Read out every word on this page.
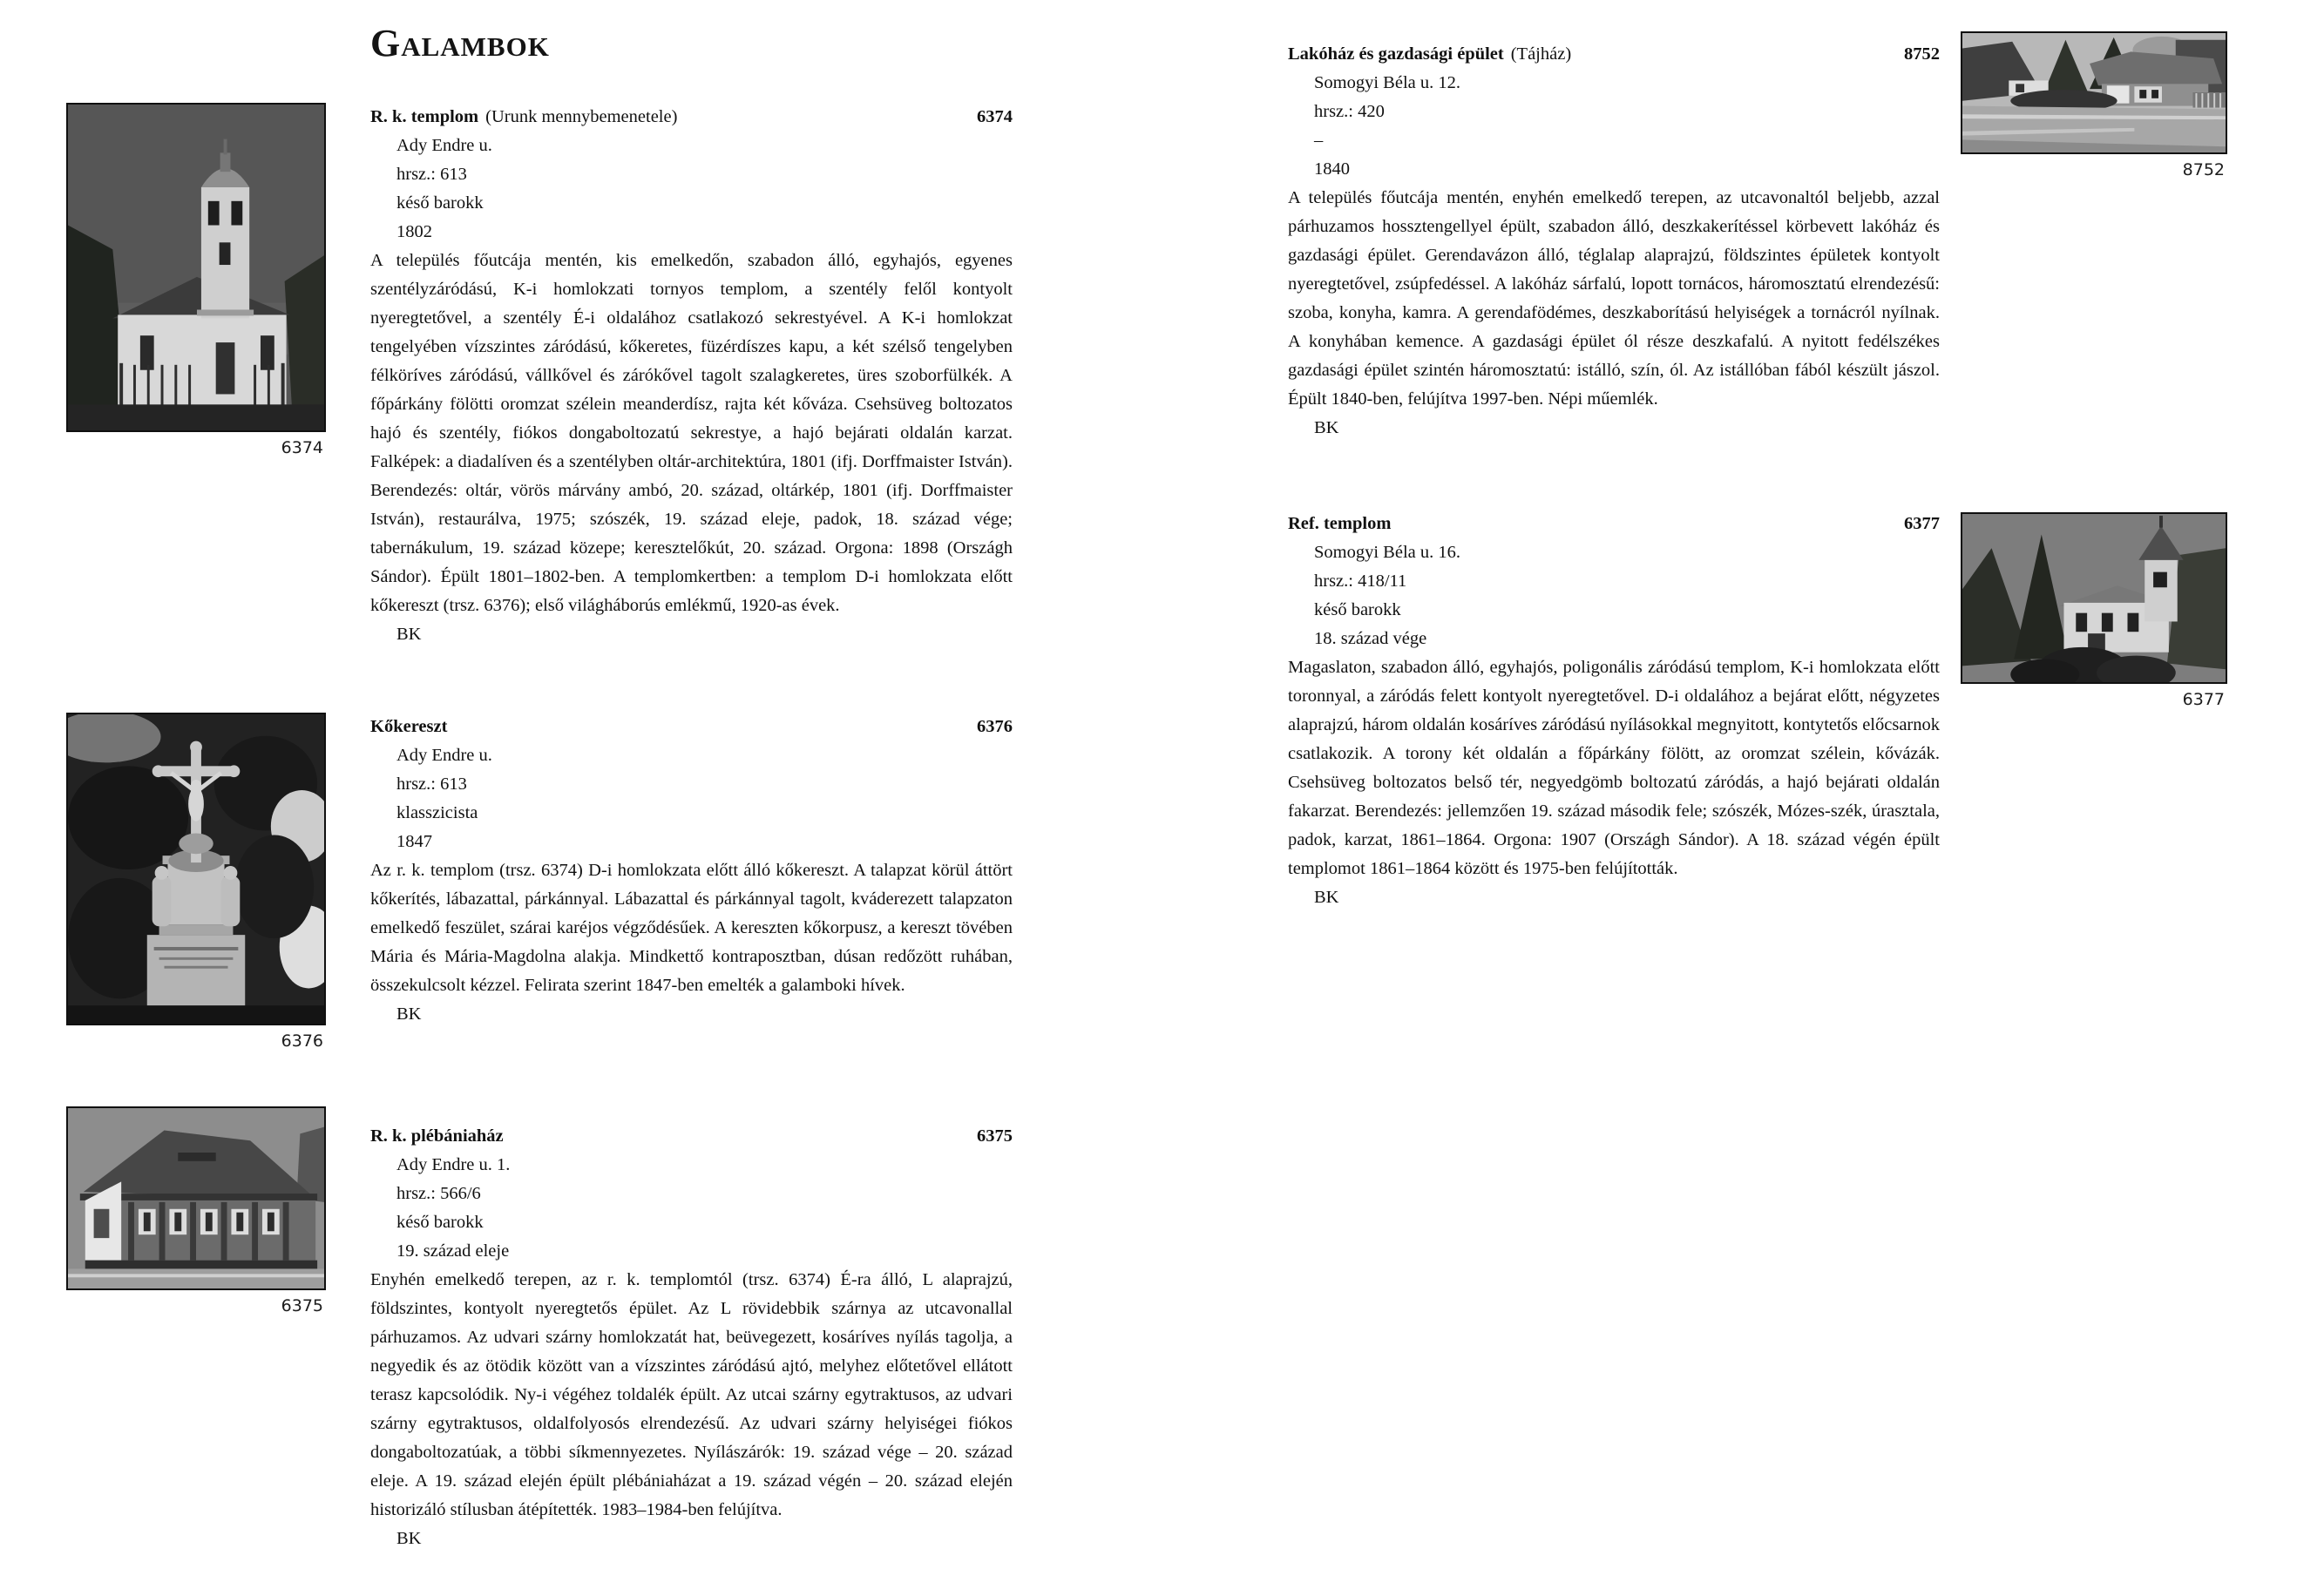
Galambok
R. k. templom (Urunk mennybemenetele)	6374
Ady Endre u.
hrsz.: 613
késő barokk
1802

A település főutcája mentén, kis emelkedőn, szabadon álló, egyhajós, egyenes szentélyzáródású, K-i homlokzati tornyos templom, a szentély felől kontyolt nyeregtetővel, a szentély É-i oldalához csatlakozó sekrestyével. A K-i homlokzat tengelyében vízszintes záródású, kőkeretes, füzérdíszes kapu, a két szélső tengelyben félköríves záródású, vállkővel és zárókővel tagolt szalagkeretes, üres szoborfülkék. A főpárkány fölötti oromzat szélein meanderdísz, rajta két kőváza. Csehsüveg boltozatos hajó és szentély, fiókos dongaboltozatú sekrestye, a hajó bejárati oldalán karzat. Falképek: a diadalíven és a szentélyben oltár-architektúra, 1801 (ifj. Dorffmaister István). Berendezés: oltár, vörös márvány ambó, 20. század, oltárkép, 1801 (ifj. Dorffmaister István), restaurálva, 1975; szószék, 19. század eleje, padok, 18. század vége; tabernákulum, 19. század közepe; keresztelőkút, 20. század. Orgona: 1898 (Országh Sándor). Épült 1801–1802-ben. A templomkertben: a templom D-i homlokzata előtt kőkereszt (trsz. 6376); első világháborús emlékmű, 1920-as évek.

BK
Kőkereszt	6376
Ady Endre u.
hrsz.: 613
klasszicista
1847

Az r. k. templom (trsz. 6374) D-i homlokzata előtt álló kőkereszt. A talapzat körül áttört kőkerítés, lábazattal, párkánnyal. Lábazattal és párkánnyal tagolt, kváderezett talapzaton emelkedő feszület, szárai karéjos végződésűek. A kereszten kőkorpusz, a kereszt tövében Mária és Mária-Magdolna alakja. Mindkettő kontraposztban, dúsan redőzött ruhában, összekulcsolt kézzel. Felirata szerint 1847-ben emelték a galamboki hívek.

BK
R. k. plébániaház	6375
Ady Endre u. 1.
hrsz.: 566/6
késő barokk
19. század eleje

Enyhén emelkedő terepen, az r. k. templomtól (trsz. 6374) É-ra álló, L alaprajzú, földszintes, kontyolt nyeregtetős épület. Az L rövidebbik szárnya az utcavonallal párhuzamos. Az udvari szárny homlokzatát hat, beüvegezett, kosáríves nyílás tagolja, a negyedik és az ötödik között van a vízszintes záródású ajtó, melyhez előtetővel ellátott terasz kapcsolódik. Ny-i végéhez toldalék épült. Az utcai szárny egytraktusos, az udvari szárny egytraktusos, oldalfolyosós elrendezésű. Az udvari szárny helyiségei fiókos dongaboltozatúak, a többi síkmennyezetes. Nyílászárók: 19. század vége – 20. század eleje. A 19. század elején épült plébániaházat a 19. század végén – 20. század elején historizáló stílusban átépítették. 1983–1984-ben felújítva.

BK
Lakóház és gazdasági épület (Tájház)	8752
Somogyi Béla u. 12.
hrsz.: 420
–
1840

A település főutcája mentén, enyhén emelkedő terepen, az utcavonaltól beljebb, azzal párhuzamos hossztengellyel épült, szabadon álló, deszkakerítéssel körbevett lakóház és gazdasági épület. Gerendavázon álló, téglalap alaprajzú, földszintes épületek kontyolt nyeregtetővel, zsúpfedéssel. A lakóház sárfalú, lopott tornácos, háromosztatú elrendezésű: szoba, konyha, kamra. A gerendafödémes, deszkaborítású helyiségek a tornácról nyílnak. A konyhában kemence. A gazdasági épület ól része deszkafalú. A nyitott fedélszékes gazdasági épület szintén háromosztatú: istálló, szín, ól. Az istállóban fából készült jászol. Épült 1840-ben, felújítva 1997-ben. Népi műemlék.

BK
Ref. templom	6377
Somogyi Béla u. 16.
hrsz.: 418/11
késő barokk
18. század vége

Magaslaton, szabadon álló, egyhajós, poligonális záródású templom, K-i homlokzata előtt toronnyal, a záródás felett kontyolt nyeregtetővel. D-i oldalához a bejárat előtt, négyzetes alaprajzú, három oldalán kosáríves záródású nyílásokkal megnyitott, kontytetős előcsarnok csatlakozik. A torony két oldalán a főpárkány fölött, az oromzat szélein, kővázák. Csehsüveg boltozatos belső tér, negyedgömb boltozatú záródás, a hajó bejárati oldalán fakarzat. Berendezés: jellemzően 19. század második fele; szószék, Mózes-szék, úrasztala, padok, karzat, 1861–1864. Orgona: 1907 (Országh Sándor). A 18. század végén épült templomot 1861–1864 között és 1975-ben felújították.

BK
6374
6376
6375
8752
6377
